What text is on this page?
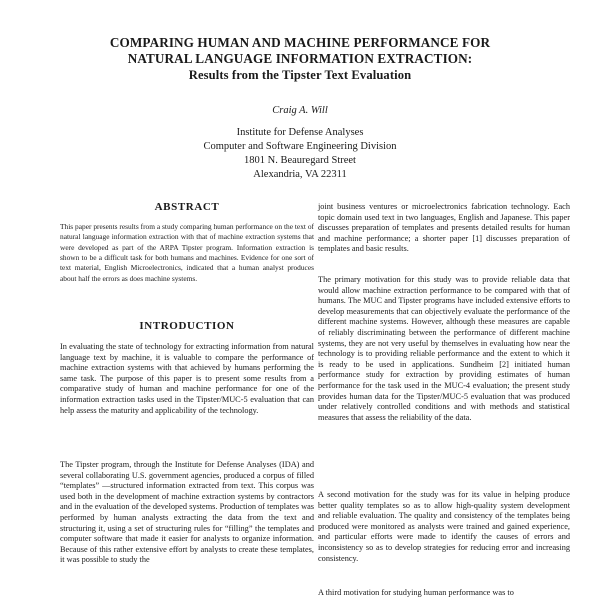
COMPARING HUMAN AND MACHINE PERFORMANCE FOR
NATURAL LANGUAGE INFORMATION EXTRACTION:
Results from the Tipster Text Evaluation
Craig A. Will
Institute for Defense Analyses
Computer and Software Engineering Division
1801 N. Beauregard Street
Alexandria, VA 22311
ABSTRACT

This paper presents results from a study comparing human performance on the text of natural language information extraction with that of machine extraction systems that were developed as part of the ARPA Tipster program. Information extraction is shown to be a difficult task for both humans and machines. Evidence for one sort of text material, English Microelectronics, indicated that a human analyst produces about half the errors as does machine systems.

INTRODUCTION

In evaluating the state of technology for extracting information from natural language text by machine, it is valuable to compare the performance of machine extraction systems with that achieved by humans performing the same task. The purpose of this paper is to present some results from a comparative study of human and machine performance for one of the information extraction tasks used in the Tipster/MUC-5 evaluation that can help assess the maturity and applicability of the technology.

The Tipster program, through the Institute for Defense Analyses (IDA) and several collaborating U.S. government agencies, produced a corpus of filled “templates” —structured information extracted from text. This corpus was used both in the development of machine extraction systems by contractors and in the evaluation of the developed systems. Production of templates was performed by human analysts extracting the data from the text and structuring it, using a set of structuring rules for “filling” the templates and computer software that made it easier for analysts to organize information. Because of this rather extensive effort by analysts to create these templates, it was possible to study the

joint business ventures or microelectronics fabrication technology. Each topic domain used text in two languages, English and Japanese. This paper discusses preparation of templates and presents detailed results for human and machine performance; a shorter paper [1] discusses preparation of templates and basic results.

The primary motivation for this study was to provide reliable data that would allow machine extraction performance to be compared with that of humans. The MUC and Tipster programs have included extensive efforts to develop measurements that can objectively evaluate the performance of the different machine systems. However, although these measures are capable of reliably discriminating between the performance of different machine systems, they are not very useful by themselves in evaluating how near the technology is to providing reliable performance and the extent to which it is ready to be used in applications. Sundheim [2] initiated human performance study for extraction by providing estimates of human performance for the task used in the MUC-4 evaluation; the present study provides human data for the Tipster/MUC-5 evaluation that was produced under relatively controlled conditions and with methods and statistical measures that assess the reliability of the data.

A second motivation for the study was for its value in helping produce better quality templates so as to allow high-quality system development and reliable evaluation. The quality and consistency of the templates being produced were monitored as analysts were trained and gained experience, and particular efforts were made to identify the causes of errors and inconsistency so as to develop strategies for reducing error and increasing consistency.

A third motivation for studying human performance was to
